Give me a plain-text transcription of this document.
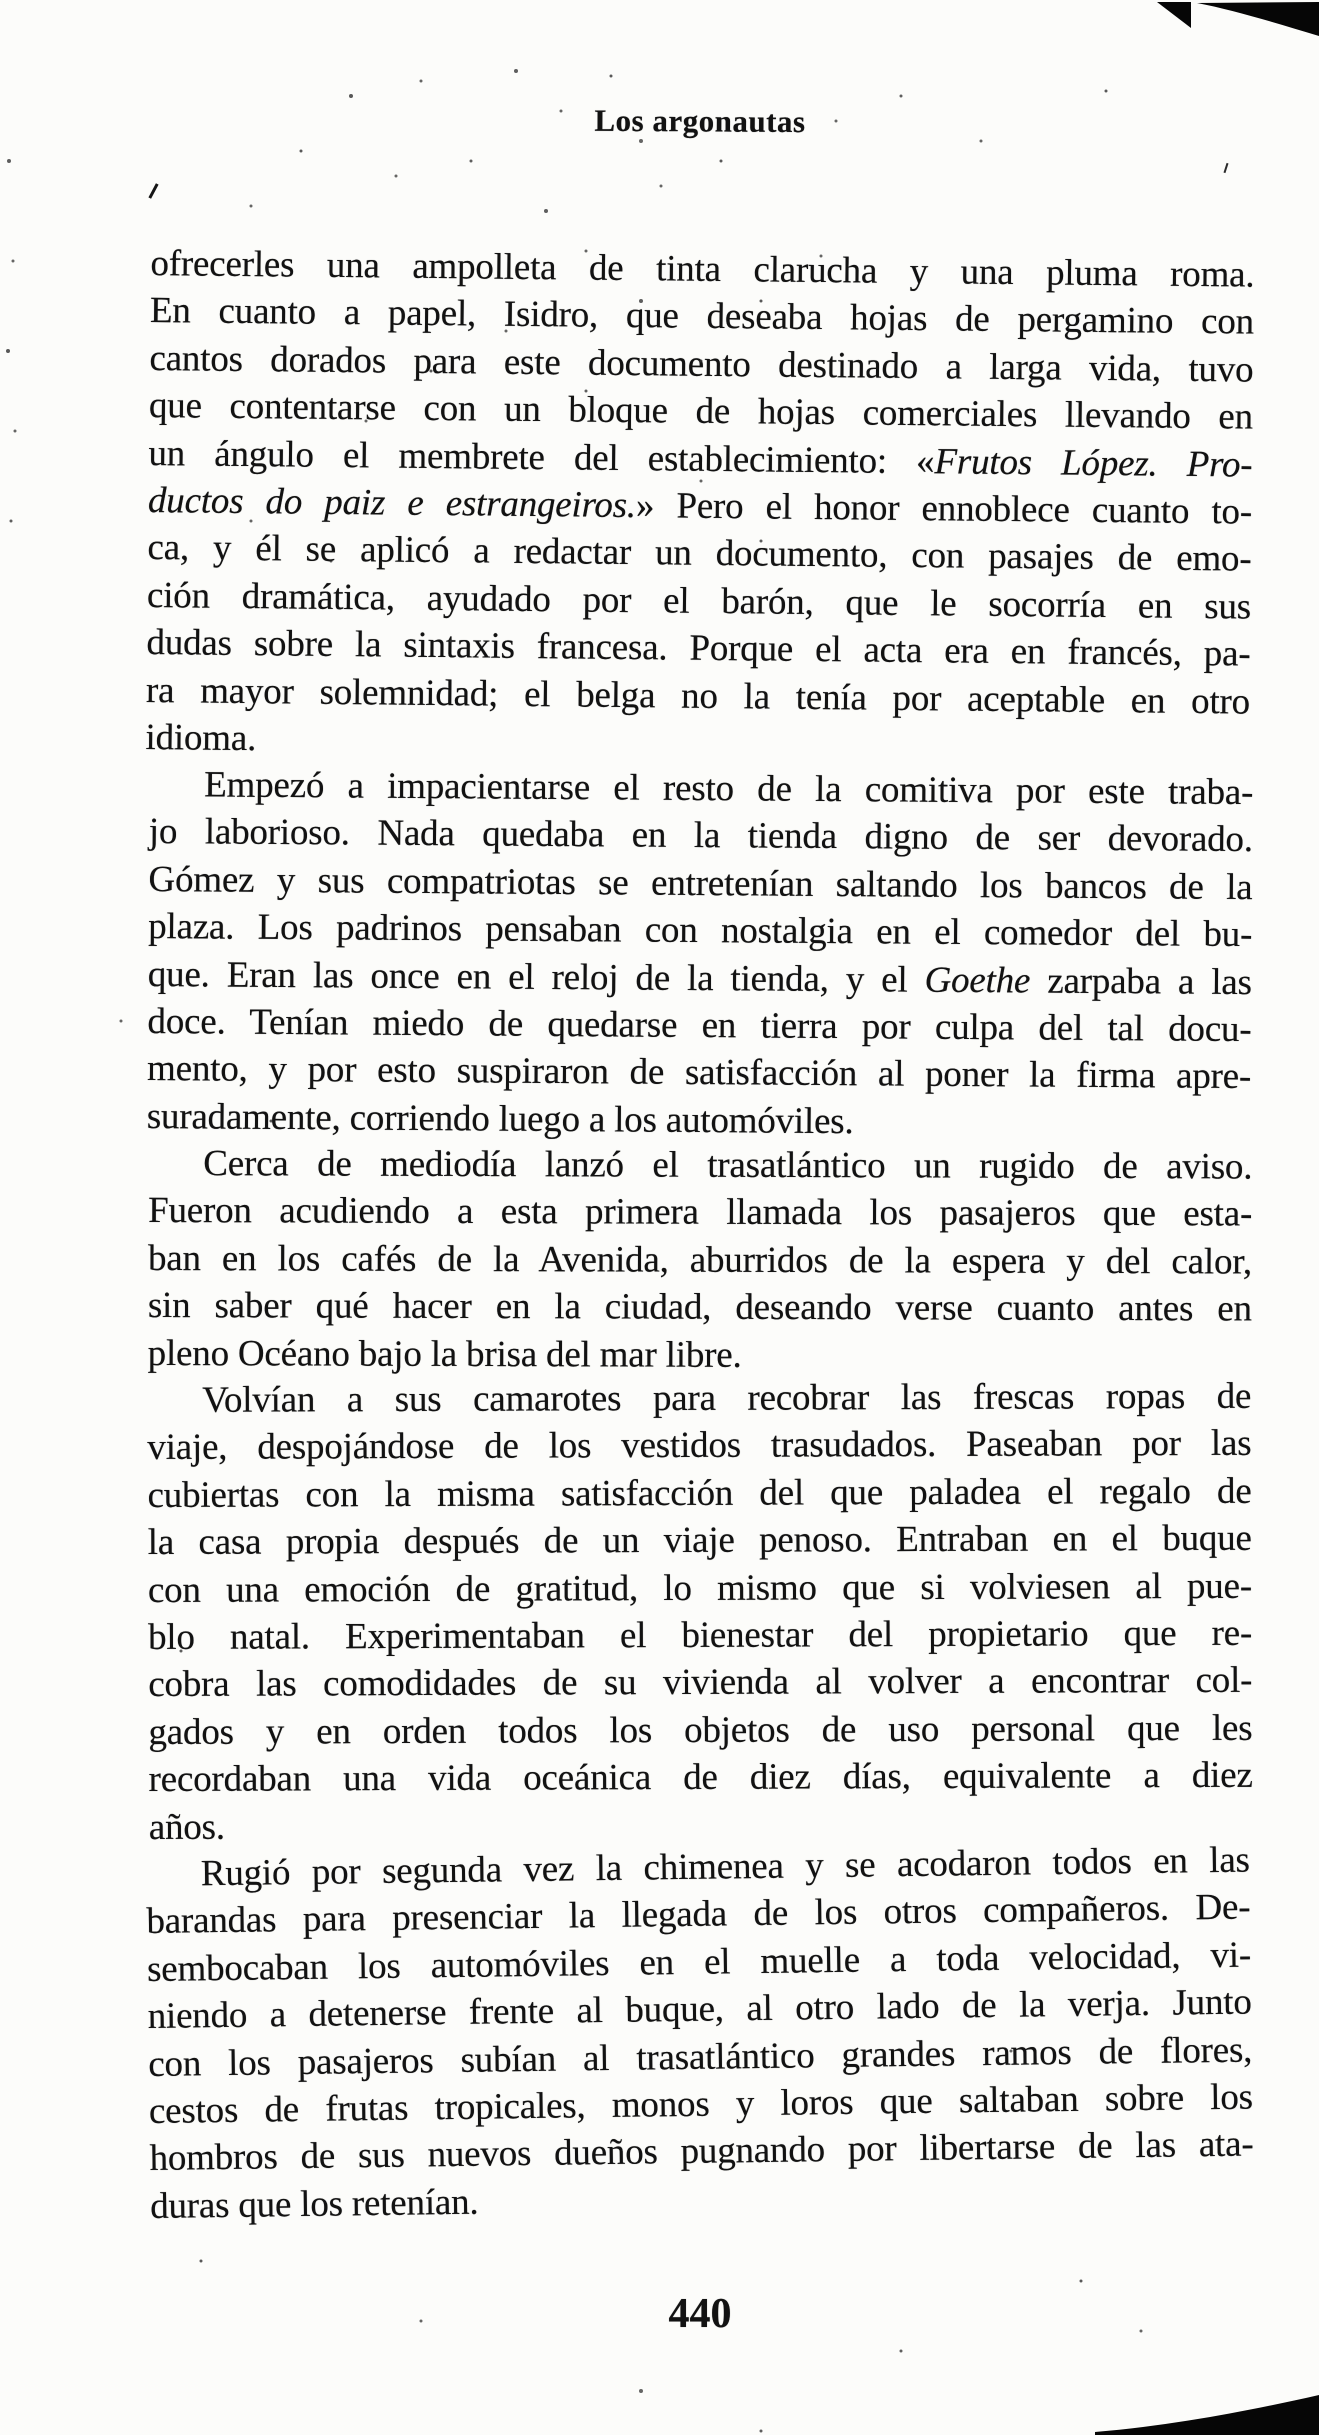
Los argonautas
ofrecerles una ampolleta de tinta clarucha y una pluma roma.
En cuanto a papel, Isidro, que deseaba hojas de pergamino con
cantos dorados para este documento destinado a larga vida, tuvo
que contentarse con un bloque de hojas comerciales llevando en
un ángulo el membrete del establecimiento: «Frutos López. Pro-
ductos do paiz e estrangeiros.» Pero el honor ennoblece cuanto to-
ca, y él se aplicó a redactar un documento, con pasajes de emo-
ción dramática, ayudado por el barón, que le socorría en sus
dudas sobre la sintaxis francesa. Porque el acta era en francés, pa-
ra mayor solemnidad; el belga no la tenía por aceptable en otro
idioma.
Empezó a impacientarse el resto de la comitiva por este traba-
jo laborioso. Nada quedaba en la tienda digno de ser devorado.
Gómez y sus compatriotas se entretenían saltando los bancos de la
plaza. Los padrinos pensaban con nostalgia en el comedor del bu-
que. Eran las once en el reloj de la tienda, y el Goethe zarpaba a las
doce. Tenían miedo de quedarse en tierra por culpa del tal docu-
mento, y por esto suspiraron de satisfacción al poner la firma apre-
suradamente, corriendo luego a los automóviles.
Cerca de mediodía lanzó el trasatlántico un rugido de aviso.
Fueron acudiendo a esta primera llamada los pasajeros que esta-
ban en los cafés de la Avenida, aburridos de la espera y del calor,
sin saber qué hacer en la ciudad, deseando verse cuanto antes en
pleno Océano bajo la brisa del mar libre.
Volvían a sus camarotes para recobrar las frescas ropas de
viaje, despojándose de los vestidos trasudados. Paseaban por las
cubiertas con la misma satisfacción del que paladea el regalo de
la casa propia después de un viaje penoso. Entraban en el buque
con una emoción de gratitud, lo mismo que si volviesen al pue-
blo natal. Experimentaban el bienestar del propietario que re-
cobra las comodidades de su vivienda al volver a encontrar col-
gados y en orden todos los objetos de uso personal que les
recordaban una vida oceánica de diez días, equivalente a diez
años.
Rugió por segunda vez la chimenea y se acodaron todos en las
barandas para presenciar la llegada de los otros compañeros. De-
sembocaban los automóviles en el muelle a toda velocidad, vi-
niendo a detenerse frente al buque, al otro lado de la verja. Junto
con los pasajeros subían al trasatlántico grandes ramos de flores,
cestos de frutas tropicales, monos y loros que saltaban sobre los
hombros de sus nuevos dueños pugnando por libertarse de las ata-
duras que los retenían.
440
